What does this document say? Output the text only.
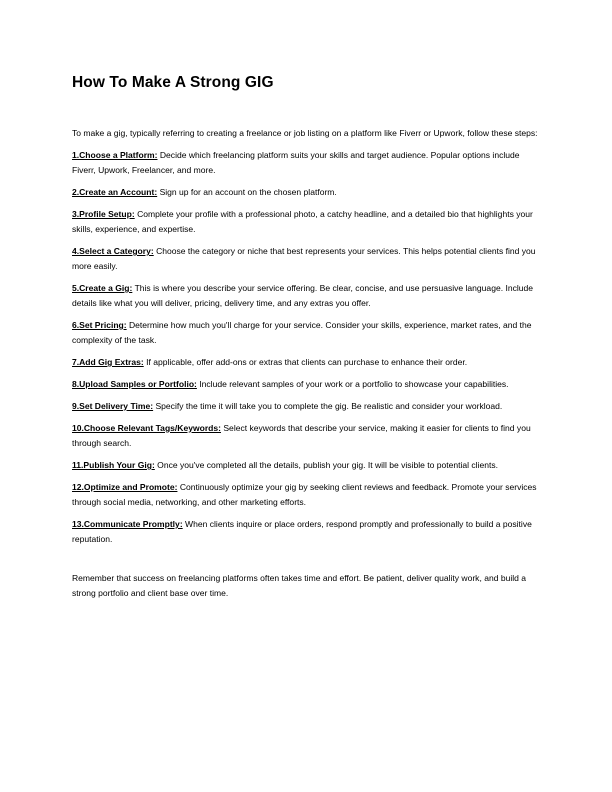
How To Make A Strong GIG

To make a gig, typically referring to creating a freelance or job listing on a platform like Fiverr or Upwork, follow these steps:

1.Choose a Platform: Decide which freelancing platform suits your skills and target audience. Popular options include Fiverr, Upwork, Freelancer, and more.

2.Create an Account: Sign up for an account on the chosen platform.

3.Profile Setup: Complete your profile with a professional photo, a catchy headline, and a detailed bio that highlights your skills, experience, and expertise.

4.Select a Category: Choose the category or niche that best represents your services. This helps potential clients find you more easily.

5.Create a Gig: This is where you describe your service offering. Be clear, concise, and use persuasive language. Include details like what you will deliver, pricing, delivery time, and any extras you offer.

6.Set Pricing: Determine how much you'll charge for your service. Consider your skills, experience, market rates, and the complexity of the task.

7.Add Gig Extras: If applicable, offer add-ons or extras that clients can purchase to enhance their order.

8.Upload Samples or Portfolio: Include relevant samples of your work or a portfolio to showcase your capabilities.

9.Set Delivery Time: Specify the time it will take you to complete the gig. Be realistic and consider your workload.

10.Choose Relevant Tags/Keywords: Select keywords that describe your service, making it easier for clients to find you through search.

11.Publish Your Gig: Once you've completed all the details, publish your gig. It will be visible to potential clients.

12.Optimize and Promote: Continuously optimize your gig by seeking client reviews and feedback. Promote your services through social media, networking, and other marketing efforts.

13.Communicate Promptly: When clients inquire or place orders, respond promptly and professionally to build a positive reputation.

Remember that success on freelancing platforms often takes time and effort. Be patient, deliver quality work, and build a strong portfolio and client base over time.
